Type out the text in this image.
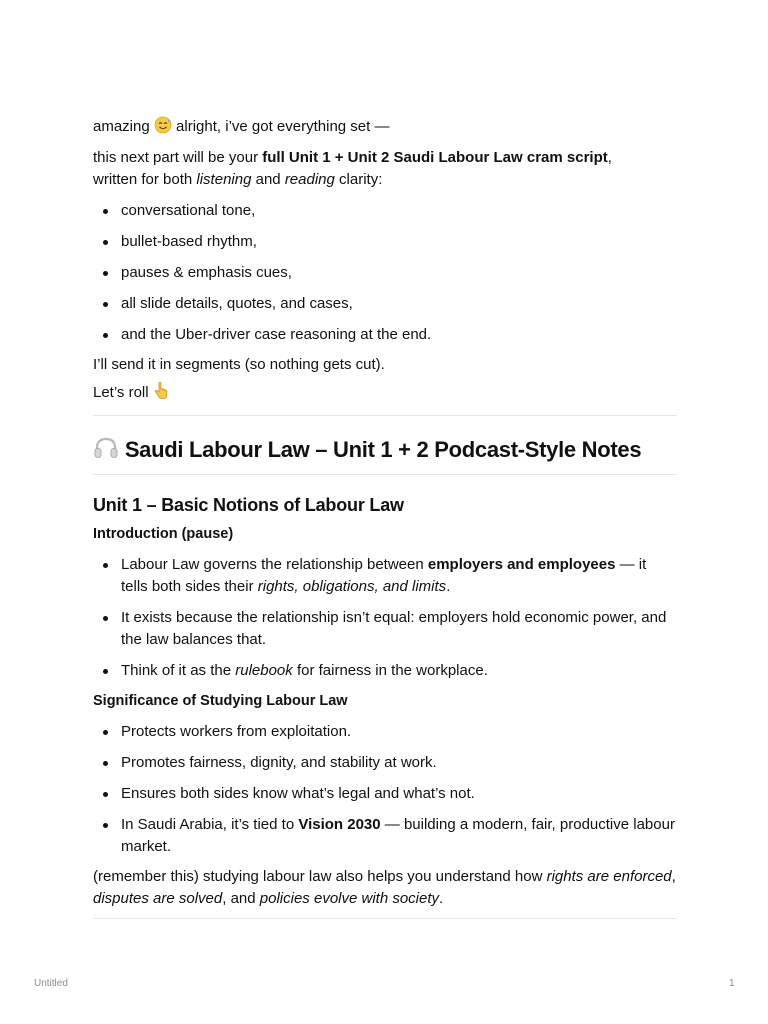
amazing alright, i’ve got everything set —

this next part will be your full Unit 1 + Unit 2 Saudi Labour Law cram script,
written for both listening and reading clarity:

conversational tone,
bullet-based rhythm,
pauses & emphasis cues,
all slide details, quotes, and cases,
and the Uber-driver case reasoning at the end.

I’ll send it in segments (so nothing gets cut).

Let’s roll

Saudi Labour Law – Unit 1 + 2 Podcast-Style Notes
Unit 1 – Basic Notions of Labour Law

Introduction (pause)

Labour Law governs the relationship between employers and employees — it tells both sides their rights, obligations, and limits.
It exists because the relationship isn’t equal: employers hold economic power, and the law balances that.
Think of it as the rulebook for fairness in the workplace.

Significance of Studying Labour Law

Protects workers from exploitation.
Promotes fairness, dignity, and stability at work.
Ensures both sides know what’s legal and what’s not.
In Saudi Arabia, it’s tied to Vision 2030 — building a modern, fair, productive labour market.

(remember this) studying labour law also helps you understand how rights are enforced, disputes are solved, and policies evolve with society.

Untitled	1
